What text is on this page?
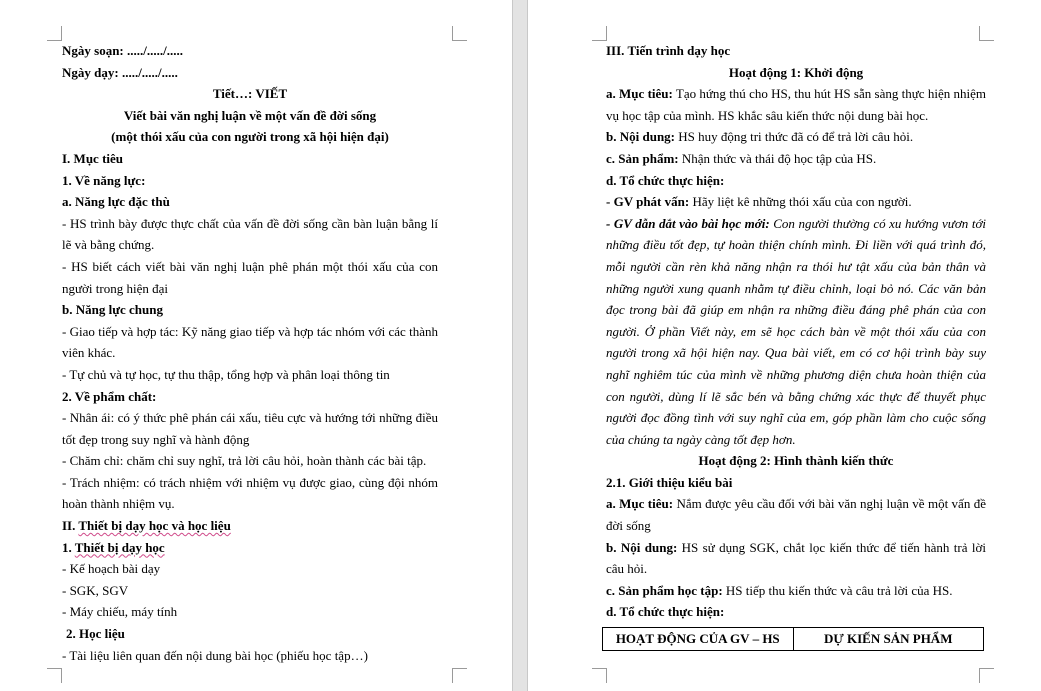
Ngày soạn: ...../...../.....

Ngày dạy: ...../...../.....

Tiết…: VIẾT

Viết bài văn nghị luận về một vấn đề đời sống

(một thói xấu của con người trong xã hội hiện đại)

I. Mục tiêu

1. Về năng lực:

a. Năng lực đặc thù

- HS trình bày được thực chất của vấn đề đời sống cần bàn luận bằng lí lẽ và bằng chứng.

- HS biết cách viết bài văn nghị luận phê phán một thói xấu của con người trong hiện đại

b. Năng lực chung

- Giao tiếp và hợp tác: Kỹ năng giao tiếp và hợp tác nhóm với các thành viên khác.

- Tự chủ và tự học, tự thu thập, tổng hợp và phân loại thông tin

2. Về phẩm chất:

- Nhân ái: có ý thức phê phán cái xấu, tiêu cực và hướng tới những điều tốt đẹp trong suy nghĩ và hành động

- Chăm chỉ: chăm chỉ suy nghĩ, trả lời câu hỏi, hoàn thành các bài tập.

- Trách nhiệm: có trách nhiệm với nhiệm vụ được giao, cùng đội nhóm hoàn thành nhiệm vụ.

II. Thiết bị dạy học và học liệu

1. Thiết bị dạy học

- Kế hoạch bài dạy

- SGK, SGV

- Máy chiếu, máy tính

2. Học liệu

- Tài liệu liên quan đến nội dung bài học (phiếu học tập…)

III. Tiến trình dạy học

Hoạt động 1: Khởi động

a. Mục tiêu: Tạo hứng thú cho HS, thu hút HS sẵn sàng thực hiện nhiệm vụ học tập của mình. HS khắc sâu kiến thức nội dung bài học.

b. Nội dung: HS huy động tri thức đã có để trả lời câu hỏi.

c. Sản phẩm: Nhận thức và thái độ học tập của HS.

d. Tổ chức thực hiện:

- GV phát vấn: Hãy liệt kê những thói xấu của con người.

- GV dẫn dắt vào bài học mới: Con người thường có xu hướng vươn tới những điều tốt đẹp, tự hoàn thiện chính mình. Đi liền với quá trình đó, mỗi người cần rèn khả năng nhận ra thói hư tật xấu của bản thân và những người xung quanh nhằm tự điều chỉnh, loại bỏ nó. Các văn bản đọc trong bài đã giúp em nhận ra những điều đáng phê phán của con người. Ở phần Viết này, em sẽ học cách bàn về một thói xấu của con người trong xã hội hiện nay. Qua bài viết, em có cơ hội trình bày suy nghĩ nghiêm túc của mình về những phương diện chưa hoàn thiện của con người, dùng lí lẽ sắc bén và bằng chứng xác thực để thuyết phục người đọc đồng tình với suy nghĩ của em, góp phần làm cho cuộc sống của chúng ta ngày càng tốt đẹp hơn.

Hoạt động 2: Hình thành kiến thức

2.1. Giới thiệu kiểu bài

a. Mục tiêu: Nắm được yêu cầu đối với bài văn nghị luận về một vấn đề đời sống

b. Nội dung: HS sử dụng SGK, chắt lọc kiến thức để tiến hành trả lời câu hỏi.

c. Sản phẩm học tập: HS tiếp thu kiến thức và câu trả lời của HS.

d. Tổ chức thực hiện:

HOẠT ĐỘNG CỦA GV – HS	DỰ KIẾN SẢN PHẨM
